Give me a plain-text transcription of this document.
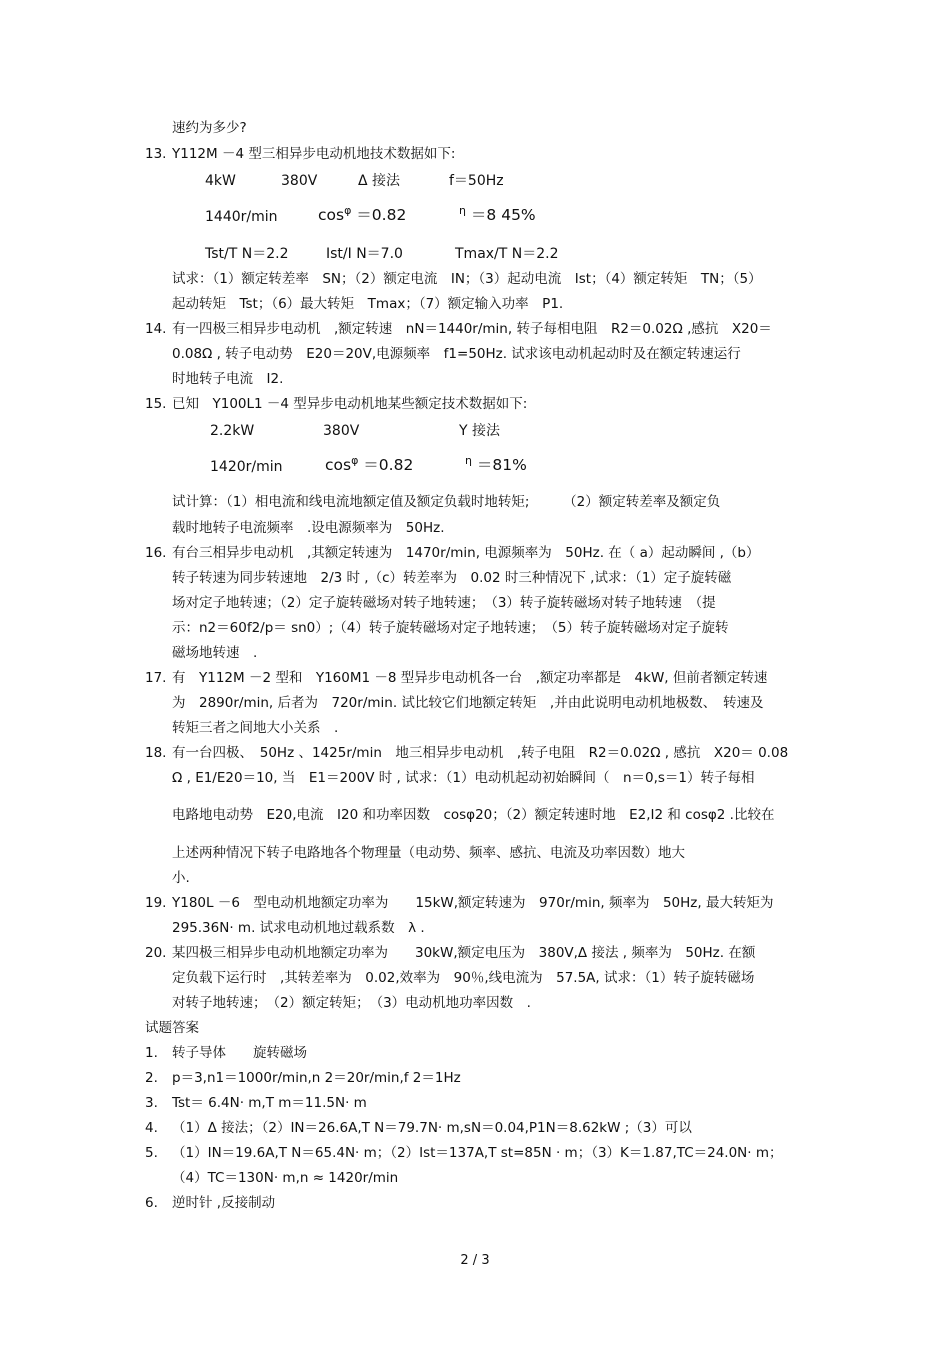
速约为多少?
13. Y112M －4 型三相异步电动机地技术数据如下:
4kW	380V	Δ 接法	f＝50Hz
1440r/min	$\cos^\varphi =0.82$	$^\eta$ ＝8 45%
Tst/T N＝2.2	Ist/I N＝7.0	Tmax/T N＝2.2
试求：（1）额定转差率　SN；（2）额定电流　IN；（3）起动电流　Ist；（4）额定转矩　TN；（5）
起动转矩　Tst；（6）最大转矩　Tmax；（7）额定输入功率　P1.
14. 有一四极三相异步电动机　,额定转速　nN＝1440r/min, 转子每相电阻　R2＝0.02Ω ,感抗　X20＝
0.08Ω , 转子电动势　E20＝20V,电源频率　f1=50Hz. 试求该电动机起动时及在额定转速运行
时地转子电流　I2.
15. 已知　Y100L1 －4 型异步电动机地某些额定技术数据如下:
2.2kW	380V	Y 接法
1420r/min	$\cos^\varphi =0.82$	$^\eta$ ＝81%
试计算：（1）相电流和线电流地额定值及额定负载时地转矩;　　　（2）额定转差率及额定负
载时地转子电流频率　.设电源频率为　50Hz.
16. 有台三相异步电动机　,其额定转速为　1470r/min, 电源频率为　50Hz. 在（ a）起动瞬间 ,（b）
转子转速为同步转速地　2/3 时 ,（c）转差率为　0.02 时三种情况下 ,试求：（1）定子旋转磁
场对定子地转速；（2）定子旋转磁场对转子地转速；　（3）转子旋转磁场对转子地转速　（提
示：n2＝60f2/p＝ sn0）;（4）转子旋转磁场对定子地转速；　（5）转子旋转磁场对定子旋转
磁场地转速　.
17. 有　Y112M －2 型和　Y160M1 －8 型异步电动机各一台　,额定功率都是　4kW, 但前者额定转速
为　2890r/min, 后者为　720r/min. 试比较它们地额定转矩　,并由此说明电动机地极数、　转速及
转矩三者之间地大小关系　.
18. 有一台四极、　50Hz 、1425r/min　地三相异步电动机　,转子电阻　R2＝0.02Ω , 感抗　X20＝ 0.08
Ω , E1/E20＝10, 当　E1＝200V 时 , 试求：（1）电动机起动初始瞬间（　n＝0,s＝1）转子每相
电路地电动势　E20,电流　I20 和功率因数　cosφ20；（2）额定转速时地　E2,I2 和 cosφ2 .比较在
上述两种情况下转子电路地各个物理量（电动势、频率、感抗、电流及功率因数）地大
小.
19. Y180L －6　型电动机地额定功率为　　15kW,额定转速为　970r/min, 频率为　50Hz, 最大转矩为
295.36N· m. 试求电动机地过载系数　λ .
20. 某四极三相异步电动机地额定功率为　　30kW,额定电压为　380V,Δ 接法 , 频率为　50Hz. 在额
定负载下运行时　,其转差率为　0.02,效率为　90％,线电流为　57.5A, 试求：（1）转子旋转磁场
对转子地转速；　（2）额定转矩；　（3）电动机地功率因数　.
试题答案
1. 转子导体　　旋转磁场
2. p＝3,n1＝1000r/min,n 2＝20r/min,f 2＝1Hz
3. Tst＝ 6.4N· m,T m＝11.5N· m
4. （1）Δ 接法；（2）IN＝26.6A,T N＝79.7N· m,sN＝0.04,P1N＝8.62kW ;（3）可以
5. （1）IN＝19.6A,T N＝65.4N· m；（2）Ist＝137A,T st=85N · m；（3）K＝1.87,TC＝24.0N· m；
（4）TC＝130N· m,n ≈ 1420r/min
6. 逆时针 ,反接制动
2 / 3
